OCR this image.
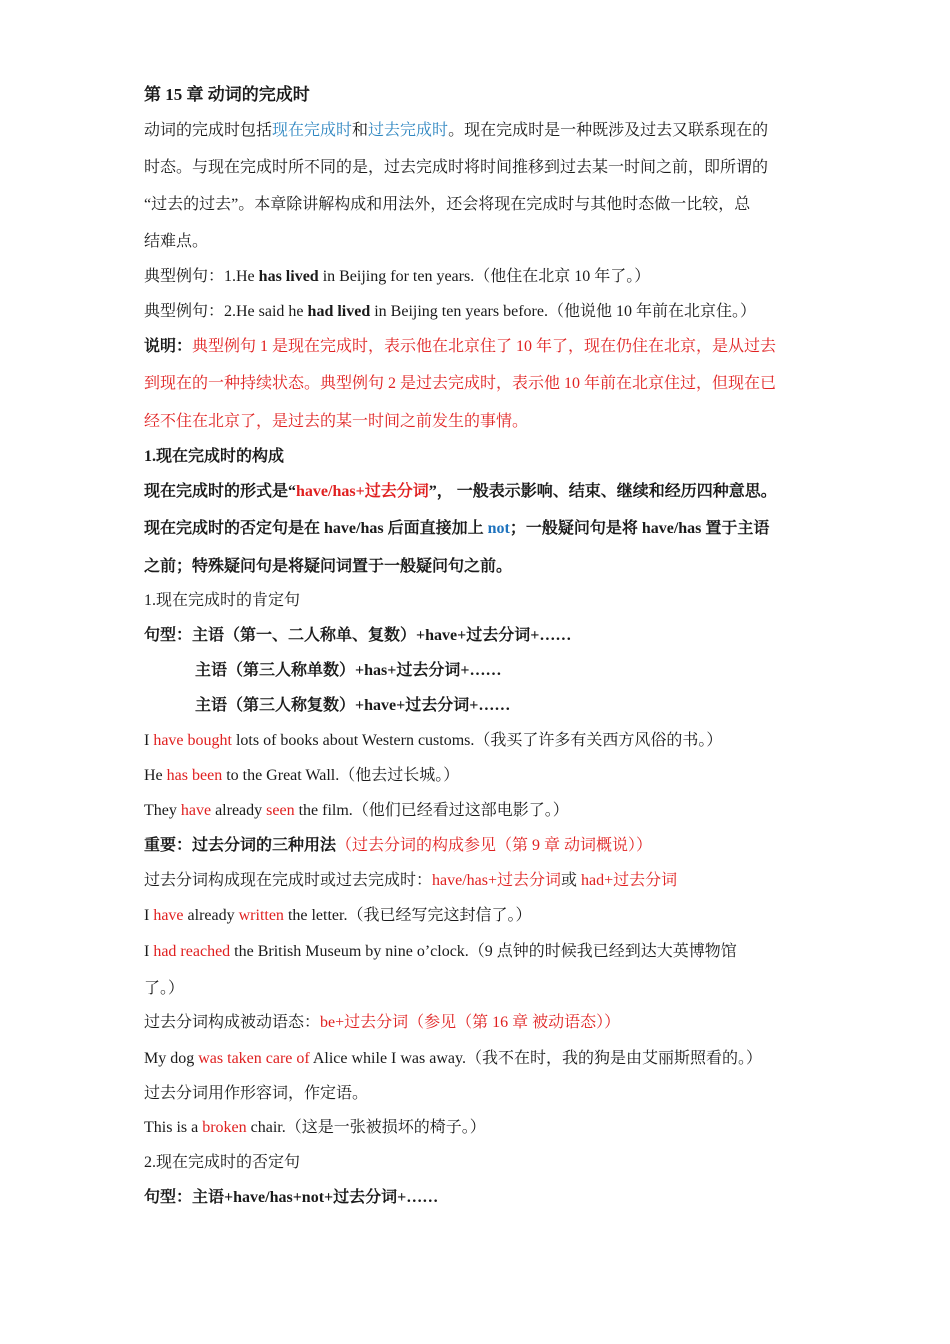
第 15 章 动词的完成时
动词的完成时包括现在完成时和过去完成时。现在完成时是一种既涉及过去又联系现在的
时态。与现在完成时所不同的是，过去完成时将时间推移到过去某一时间之前，即所谓的
“过去的过去”。本章除讲解构成和用法外，还会将现在完成时与其他时态做一比较，总
结难点。
典型例句：1.He has lived in Beijing for ten years.（他住在北京 10 年了。）
典型例句：2.He said he had lived in Beijing ten years before.（他说他 10 年前在北京住。）
说明：典型例句 1 是现在完成时，表示他在北京住了 10 年了，现在仍住在北京，是从过去
到现在的一种持续状态。典型例句 2 是过去完成时，表示他 10 年前在北京住过，但现在已
经不住在北京了，是过去的某一时间之前发生的事情。
1.现在完成时的构成
现在完成时的形式是“have/has+过去分词”， 一般表示影响、结束、继续和经历四种意思。
现在完成时的否定句是在 have/has 后面直接加上 not；一般疑问句是将 have/has 置于主语
之前；特殊疑问句是将疑问词置于一般疑问句之前。
1.现在完成时的肯定句
句型：主语（第一、二人称单、复数）+have+过去分词+……
主语（第三人称单数）+has+过去分词+……
主语（第三人称复数）+have+过去分词+……
I have bought lots of books about Western customs.（我买了许多有关西方风俗的书。）
He has been to the Great Wall.（他去过长城。）
They have already seen the film.（他们已经看过这部电影了。）
重要：过去分词的三种用法（过去分词的构成参见（第 9 章 动词概说））
过去分词构成现在完成时或过去完成时：have/has+过去分词或 had+过去分词
I have already written the letter.（我已经写完这封信了。）
I had reached the British Museum by nine o’clock.（9 点钟的时候我已经到达大英博物馆
了。）
过去分词构成被动语态：be+过去分词（参见（第 16 章 被动语态））
My dog was taken care of Alice while I was away.（我不在时，我的狗是由艾丽斯照看的。）
过去分词用作形容词，作定语。
This is a broken chair.（这是一张被损坏的椅子。）
2.现在完成时的否定句
句型：主语+have/has+not+过去分词+……
